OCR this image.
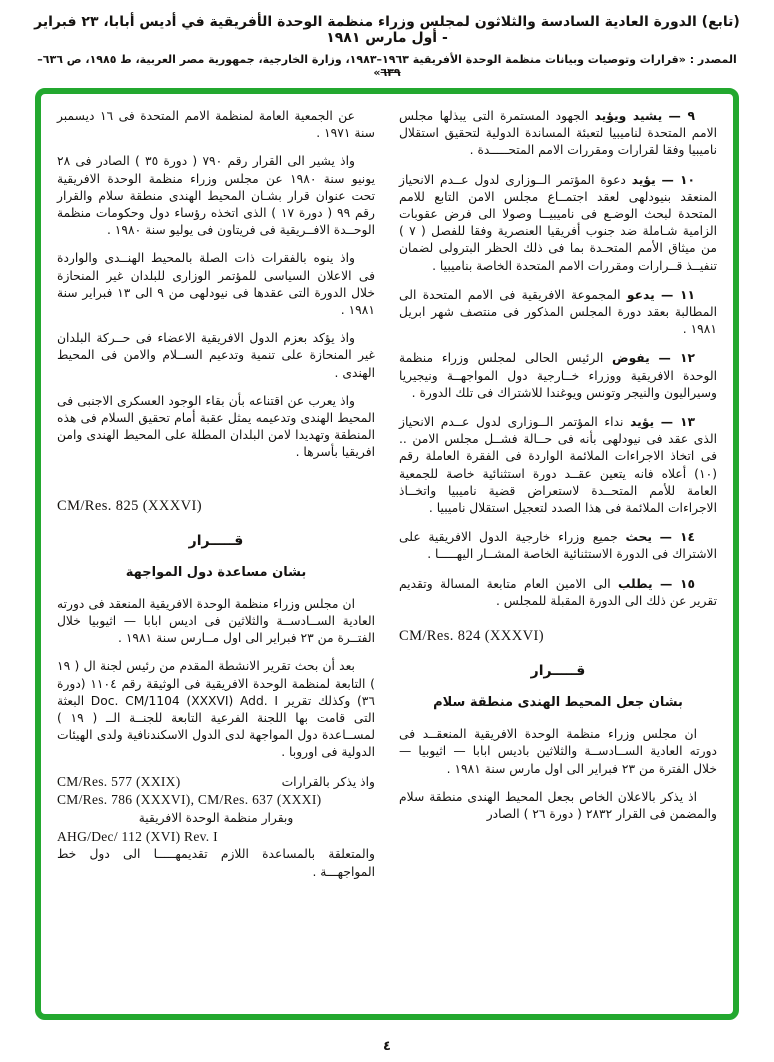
(تابع) الدورة العادية السادسة والثلاثون لمجلس وزراء منظمة الوحدة الأفريقية في أديس أبابا، ٢٣ فبراير - أول مارس ١٩٨١
المصدر : «قرارات وتوصيات وبيانات منظمة الوحدة الأفريقية ١٩٦٣–١٩٨٣، وزارة الخارجية، جمهورية مصر العربية، ط ١٩٨٥، ص ٦٣٦–٦٣٩»

٩ — يشيد ويؤيد الجهود المستمرة التى يبذلها مجلس الامم المتحدة لناميبيا لتعبئة المساندة الدولية لتحقيق استقلال ناميبيا وفقا لقرارات ومقررات الامم المتحـــــدة .

١٠ — يؤيد دعوة المؤتمر الــوزارى لدول عــدم الانحياز المنعقد بنيودلهى لعقد اجتمــاع مجلس الامن التابع للامم المتحدة لبحث الوضـع فى ناميبيــا وصولا الى فرض عقوبات الزامية شـاملة ضد جنوب أفريقيا العنصرية وفقا للفصل ( ٧ ) من ميثاق الأمم المتحـدة بما فى ذلك الحظر البترولى لضمان تنفيــذ قــرارات ومقررات الامم المتحدة الخاصة بناميبيا .

١١ — يدعو المجموعة الافريقية فى الامم المتحدة الى المطالبة بعقد دورة المجلس المذكور فى منتصف شهر ابريل ١٩٨١ .

١٢ — يفوض الرئيس الحالى لمجلس وزراء منظمة الوحدة الافريقية ووزراء خــارجية دول المواجهــة ونيجيريا وسيراليون والنيجر وتونس ويوغندا للاشتراك فى تلك الدورة .

١٣ — يؤيد نداء المؤتمر الــوزارى لدول عــدم الانحياز الذى عقد فى نيودلهى بأنه فى حــالة فشــل مجلس الامن .. فى اتخاذ الاجراءات الملائمة الواردة فى الفقرة العاملة رقم (١٠) أعلاه فانه يتعين عقــد دورة استثنائية خاصة للجمعية العامة للأمم المتحــدة لاستعراض قضية ناميبيا واتخــاذ الاجراءات الملائمة فى هذا الصدد لتعجيل استقلال ناميبيا .

١٤ — يحث جميع وزراء خارجية الدول الافريقية على الاشتراك فى الدورة الاستثنائية الخاصة المشــار اليهـــــا .

١٥ — يطلب الى الامين العام متابعة المسالة وتقديم تقرير عن ذلك الى الدورة المقبلة للمجلس .

CM/Res. 824 (XXXVI)
قـــــرار
بشان جعل المحيط الهندى منطقة سلام

ان مجلس وزراء منظمة الوحدة الافريقية المنعقــد فى دورته العادية الســادســة والثلاثين باديس ابابا — اثيوبيا — خلال الفترة من ٢٣ فبراير الى اول مارس سنة ١٩٨١ .

اذ يذكر بالاعلان الخاص بجعل المحيط الهندى منطقة سلام والمضمن فى القرار ٢٨٣٢ ( دورة ٢٦ ) الصادر

عن الجمعية العامة لمنظمة الامم المتحدة فى ١٦ ديسمبر سنة ١٩٧١ .

واذ يشير الى القرار رقم ٧٩٠ ( دورة ٣٥ ) الصادر فى ٢٨ يونيو سنة ١٩٨٠ عن مجلس وزراء منظمة الوحدة الافريقية تحت عنوان قرار بشـان المحيط الهندى منطقة سلام والقرار رقم ٩٩ ( دورة ١٧ ) الذى اتخذه رؤساء دول وحكومات منظمة الوحــدة الافــريقية فى فريتاون فى يوليو سنة ١٩٨٠ .

واذ ينوه بالفقرات ذات الصلة بالمحيط الهنــدى والواردة فى الاعلان السياسى للمؤتمر الوزارى للبلدان غير المنحازة خلال الدورة التى عقدها فى نيودلهى من ٩ الى ١٣ فبراير سنة ١٩٨١ .

واذ يؤكد بعزم الدول الافريقية الاعضاء فى حــركة البلدان غير المنحازة على تنمية وتدعيم الســلام والامن فى المحيط الهندى .

واذ يعرب عن اقتناعه بأن بقاء الوجود العسكرى الاجنبى فى المحيط الهندى وتدعيمه يمثل عقبة أمام تحقيق السلام فى هذه المنطقة وتهديدا لامن البلدان المطلة على المحيط الهندى وامن افريقيا بأسرها .

CM/Res. 825 (XXXVI)
قـــــرار
بشان مساعدة دول المواجهة

ان مجلس وزراء منظمة الوحدة الافريقية المنعقد فى دورته العادية الســادســة والثلاثين فى اديس ابابا — اثيوبيا خلال الفتــرة من ٢٣ فبراير الى اول مــارس سنة ١٩٨١ .

بعد أن بحث تقرير الانشطة المقدم من رئيس لجنة ال ( ١٩ ) التابعة لمنظمة الوحدة الافريقية فى الوثيقة رقم ١١٠٤ (دورة ٣٦) وكذلك تقرير Doc. CM/1104 (XXXVI) Add. I البعثة التى قامت بها اللجنة الفرعية التابعة للجنــة الــ ( ١٩ ) لمســاعدة دول المواجهة لدى الدول الاسكندنافية ولدى الهيئات الدولية فى اوروبا .

واذ يذكر بالقرارات
CM/Res. 577 (XXIX)
CM/Res. 786 (XXXVI), CM/Res. 637 (XXXI)
وبقرار منظمة الوحدة الافريقية
AHG/Dec/ 112 (XVI) Rev. I
والمتعلقة بالمساعدة اللازم تقديمهـــــا الى دول خط المواجهـــة .
٤
